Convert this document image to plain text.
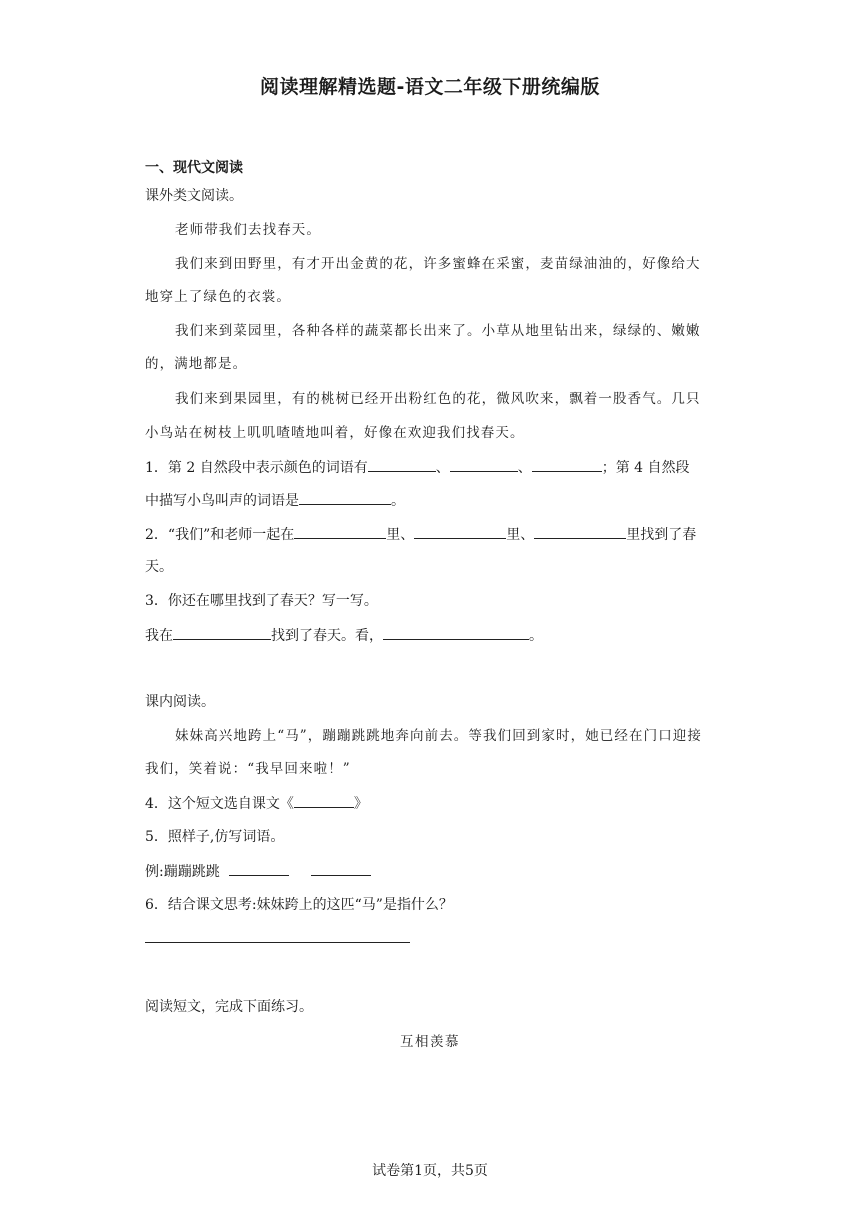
阅读理解精选题-语文二年级下册统编版
一、现代文阅读
课外类文阅读。
老师带我们去找春天。
我们来到田野里，有才开出金黄的花，许多蜜蜂在采蜜，麦苗绿油油的，好像给大
地穿上了绿色的衣裳。
我们来到菜园里，各种各样的蔬菜都长出来了。小草从地里钻出来，绿绿的、嫩嫩
的，满地都是。
我们来到果园里，有的桃树已经开出粉红色的花，微风吹来，飘着一股香气。几只
小鸟站在树枝上叽叽喳喳地叫着，好像在欢迎我们找春天。
1．第 2 自然段中表示颜色的词语有	、	、	；第 4 自然段
中描写小鸟叫声的词语是	。
2．“我们”和老师一起在	里、	里、	里找到了春
天。
3．你还在哪里找到了春天？写一写。
我在	找到了春天。看，	。
课内阅读。
妹妹高兴地跨上“马”，蹦蹦跳跳地奔向前去。等我们回到家时，她已经在门口迎接
我们，笑着说：“我早回来啦！”
4．这个短文选自课文《	》
5．照样子,仿写词语。
例:蹦蹦跳跳
6．结合课文思考:妹妹跨上的这匹“马”是指什么？
阅读短文，完成下面练习。
互相羡慕
试卷第1页，共5页
